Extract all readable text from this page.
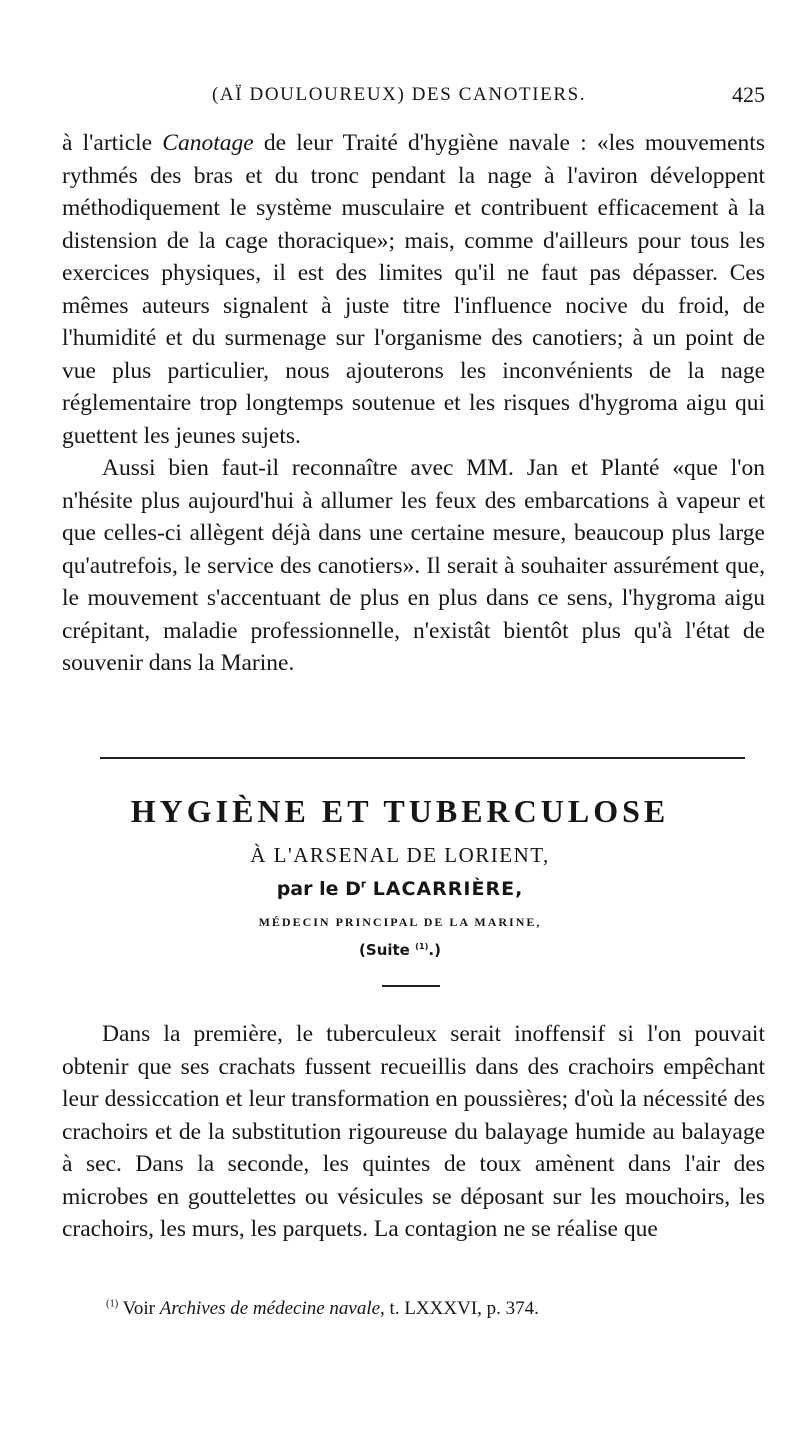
(AÏ DOULOUREUX) DES CANOTIERS.	425

à l'article Canotage de leur Traité d'hygiène navale : «les mouvements rythmés des bras et du tronc pendant la nage à l'aviron développent méthodiquement le système musculaire et contribuent efficacement à la distension de la cage thoracique»; mais, comme d'ailleurs pour tous les exercices physiques, il est des limites qu'il ne faut pas dépasser. Ces mêmes auteurs signalent à juste titre l'influence nocive du froid, de l'humidité et du surmenage sur l'organisme des canotiers; à un point de vue plus particulier, nous ajouterons les inconvénients de la nage réglementaire trop longtemps soutenue et les risques d'hygroma aigu qui guettent les jeunes sujets.

Aussi bien faut-il reconnaître avec MM. Jan et Planté «que l'on n'hésite plus aujourd'hui à allumer les feux des embarcations à vapeur et que celles-ci allègent déjà dans une certaine mesure, beaucoup plus large qu'autrefois, le service des canotiers». Il serait à souhaiter assurément que, le mouvement s'accentuant de plus en plus dans ce sens, l'hygroma aigu crépitant, maladie professionnelle, n'existât bientôt plus qu'à l'état de souvenir dans la Marine.

HYGIÈNE ET TUBERCULOSE
À L'ARSENAL DE LORIENT,
par le $D^r$ LACARRIÈRE,
MÉDECIN PRINCIPAL DE LA MARINE,
(Suite $^{(1)}$.)

Dans la première, le tuberculeux serait inoffensif si l'on pouvait obtenir que ses crachats fussent recueillis dans des crachoirs empêchant leur dessiccation et leur transformation en poussières; d'où la nécessité des crachoirs et de la substitution rigoureuse du balayage humide au balayage à sec. Dans la seconde, les quintes de toux amènent dans l'air des microbes en gouttelettes ou vésicules se déposant sur les mouchoirs, les crachoirs, les murs, les parquets. La contagion ne se réalise que

$^{(1)}$ Voir Archives de médecine navale, t. LXXXVI, p. 374.
